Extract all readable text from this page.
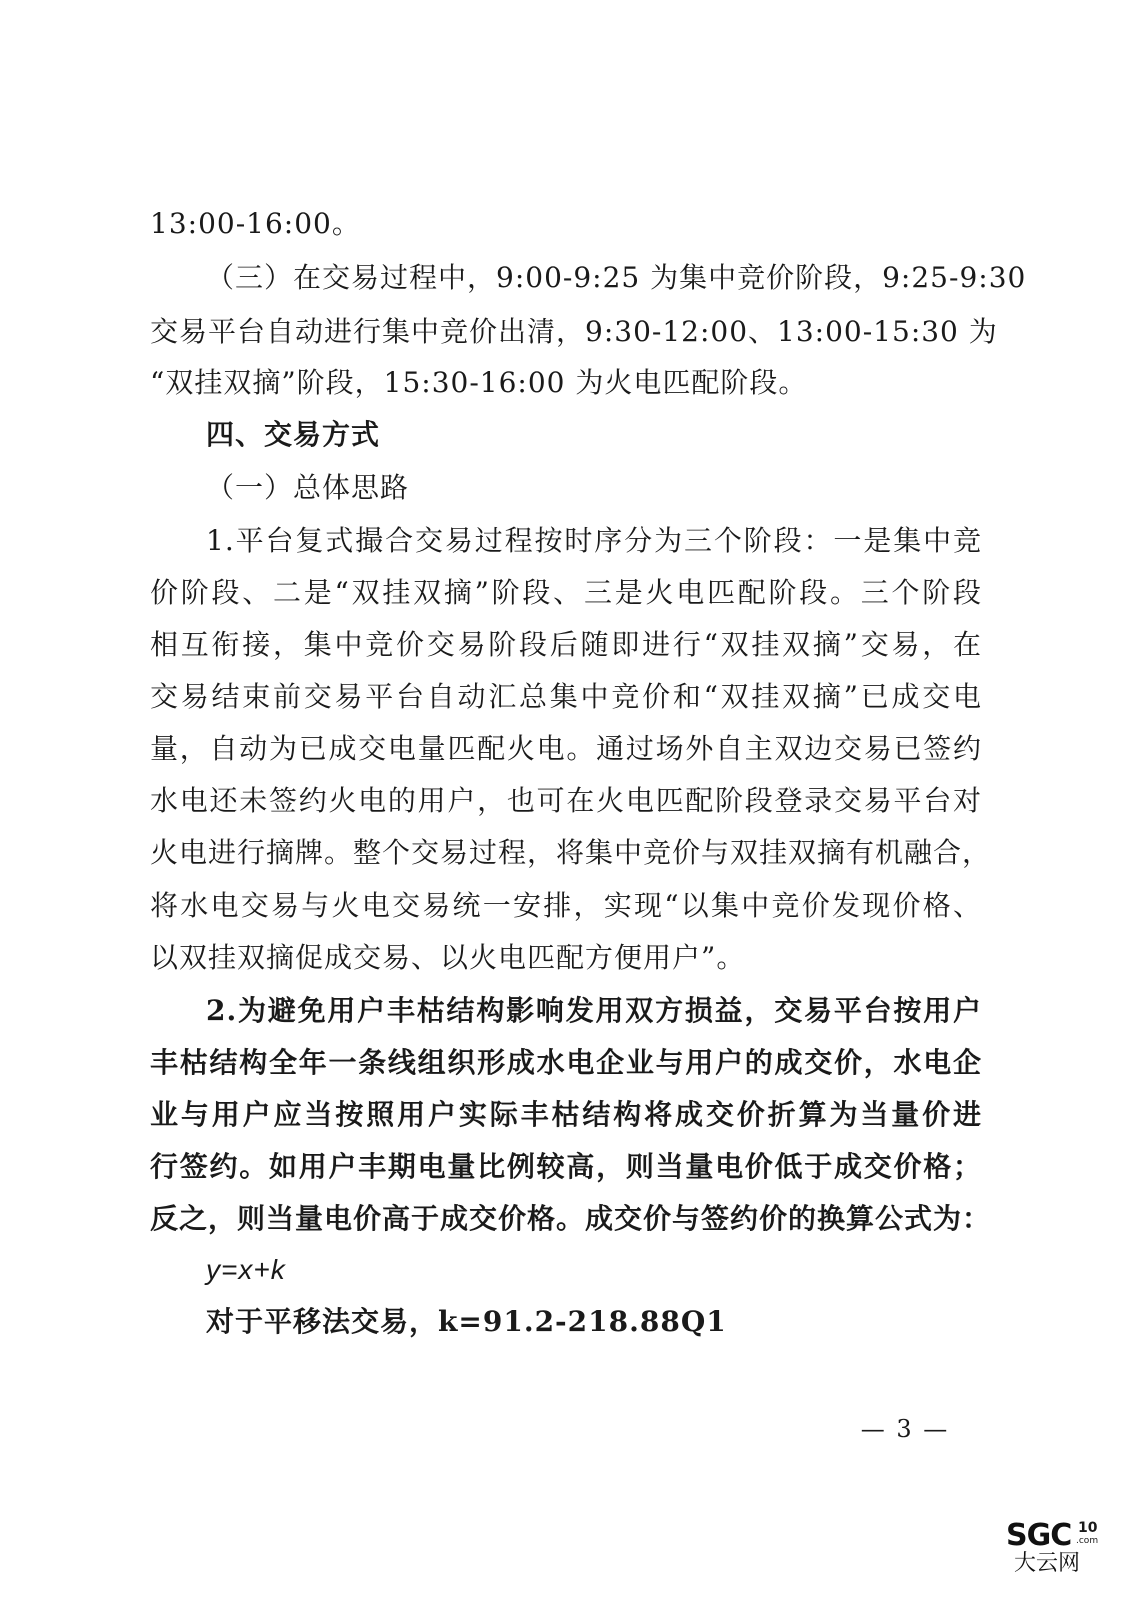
13:00-16:00。
（三）在交易过程中，9:00-9:25 为集中竞价阶段，9:25-9:30
交易平台自动进行集中竞价出清，9:30-12:00、13:00-15:30 为
“双挂双摘”阶段，15:30-16:00 为火电匹配阶段。
四、交易方式
（一）总体思路
1.平台复式撮合交易过程按时序分为三个阶段：一是集中竞
价阶段、二是“双挂双摘”阶段、三是火电匹配阶段。三个阶段
相互衔接，集中竞价交易阶段后随即进行“双挂双摘”交易，在
交易结束前交易平台自动汇总集中竞价和“双挂双摘”已成交电
量，自动为已成交电量匹配火电。通过场外自主双边交易已签约
水电还未签约火电的用户，也可在火电匹配阶段登录交易平台对
火电进行摘牌。整个交易过程，将集中竞价与双挂双摘有机融合，
将水电交易与火电交易统一安排，实现“以集中竞价发现价格、
以双挂双摘促成交易、以火电匹配方便用户”。
2.为避免用户丰枯结构影响发用双方损益，交易平台按用户
丰枯结构全年一条线组织形成水电企业与用户的成交价，水电企
业与用户应当按照用户实际丰枯结构将成交价折算为当量价进
行签约。如用户丰期电量比例较高，则当量电价低于成交价格；
反之，则当量电价高于成交价格。成交价与签约价的换算公式为：
y=x+k
对于平移法交易，k=91.2-218.88Q1
— 3 —
SGC 10
.com
大云网
